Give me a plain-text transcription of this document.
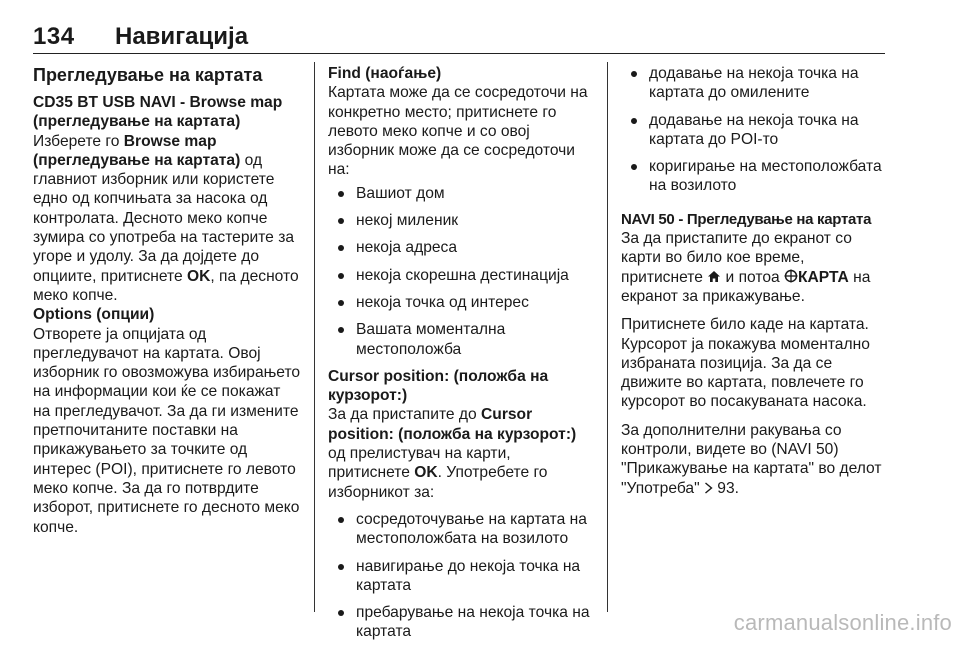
134 Навигација
Прегледување на картата

CD35 BT USB NAVI - Browse map (прегледување на картата)

Изберете го Browse map (прегледување на картата) од главниот изборник или користете едно од копчињата за насока од контролата. Десното меко копче зумира со употреба на тастерите за угоре и удолу. За да дојдете до опциите, притиснете OK, па десното меко копче.

Options (опции)

Отворете ја опцијата од прегледувачот на картата. Овој изборник го овозможува избирањето на информации кои ќе се покажат на прегледувачот. За да ги измените претпочитаните поставки на прикажувањето за точките од интерес (POI), притиснете го левото меко копче. За да го потврдите изборот, притиснете го десното меко копче.

Find (наоѓање)

Картата може да се сосредоточи на конкретно место; притиснете го левото меко копче и со овој изборник може да се сосредоточи на:

Вашиот дом
некој миленик
некоја адреса
некоја скорешна дестинација
некоја точка од интерес
Вашата моментална местоположба

Cursor position: (положба на курзорот:)

За да пристапите до Cursor position: (положба на курзорот:) од прелистувач на карти, притиснете OK. Употребете го изборникот за:

сосредоточување на картата на местоположбата на возилото
навигирање до некоја точка на картата
пребарување на некоја точка на картата
додавање на некоја точка на картата до омилените
додавање на некоја точка на картата до POI-то
коригирање на местоположбата на возилото

NAVI 50 - Прегледување на картата

За да пристапите до екранот со карти во било кое време, притиснете  и потоа КАРТА на екранот за прикажување.

Притиснете било каде на картата. Курсорот ја покажува моментално избраната позиција. За да се движите во картата, повлечете го курсорот во посакуваната насока.

За дополнителни ракувања со контроли, видете во (NAVI 50) "Прикажување на картата" во делот "Употреба"  93.

carmanualsonline.info
